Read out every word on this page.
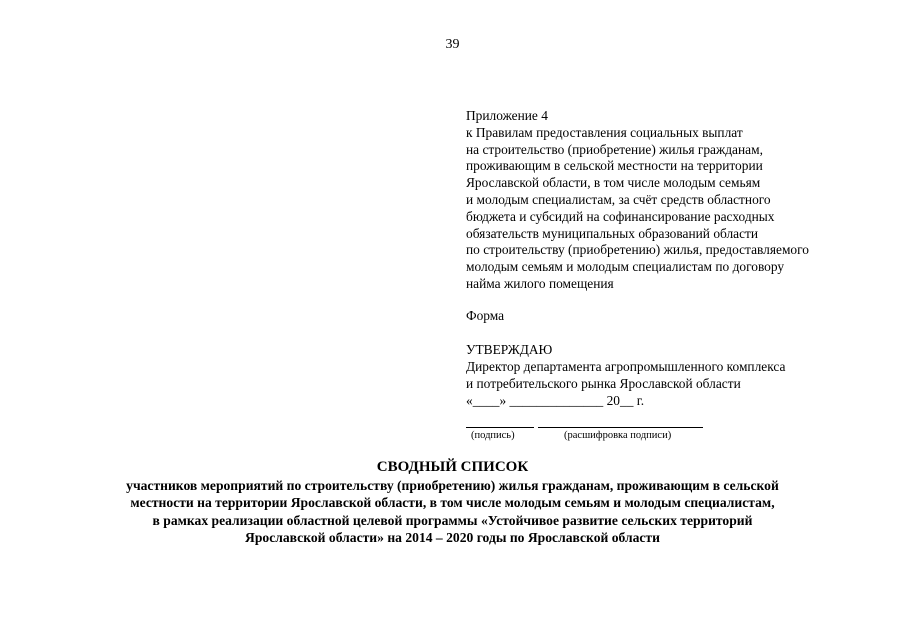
39
Приложение 4
к Правилам предоставления социальных выплат
на строительство (приобретение) жилья гражданам,
проживающим в сельской местности на территории
Ярославской области, в том числе молодым семьям
и молодым специалистам, за счёт средств областного
бюджета и субсидий на софинансирование расходных
обязательств муниципальных образований области
по строительству (приобретению) жилья, предоставляемого
молодым семьям и молодым специалистам по договору
найма жилого помещения
Форма
УТВЕРЖДАЮ
Директор департамента агропромышленного комплекса
и потребительского рынка Ярославской области
«____» ______________ 20__ г.
(подпись)	(расшифровка подписи)
СВОДНЫЙ СПИСОК
участников мероприятий по строительству (приобретению) жилья гражданам, проживающим в сельской
местности на территории Ярославской области, в том числе молодым семьям и молодым специалистам,
в рамках реализации областной целевой программы «Устойчивое развитие сельских территорий
Ярославской области» на 2014 – 2020 годы по Ярославской области
